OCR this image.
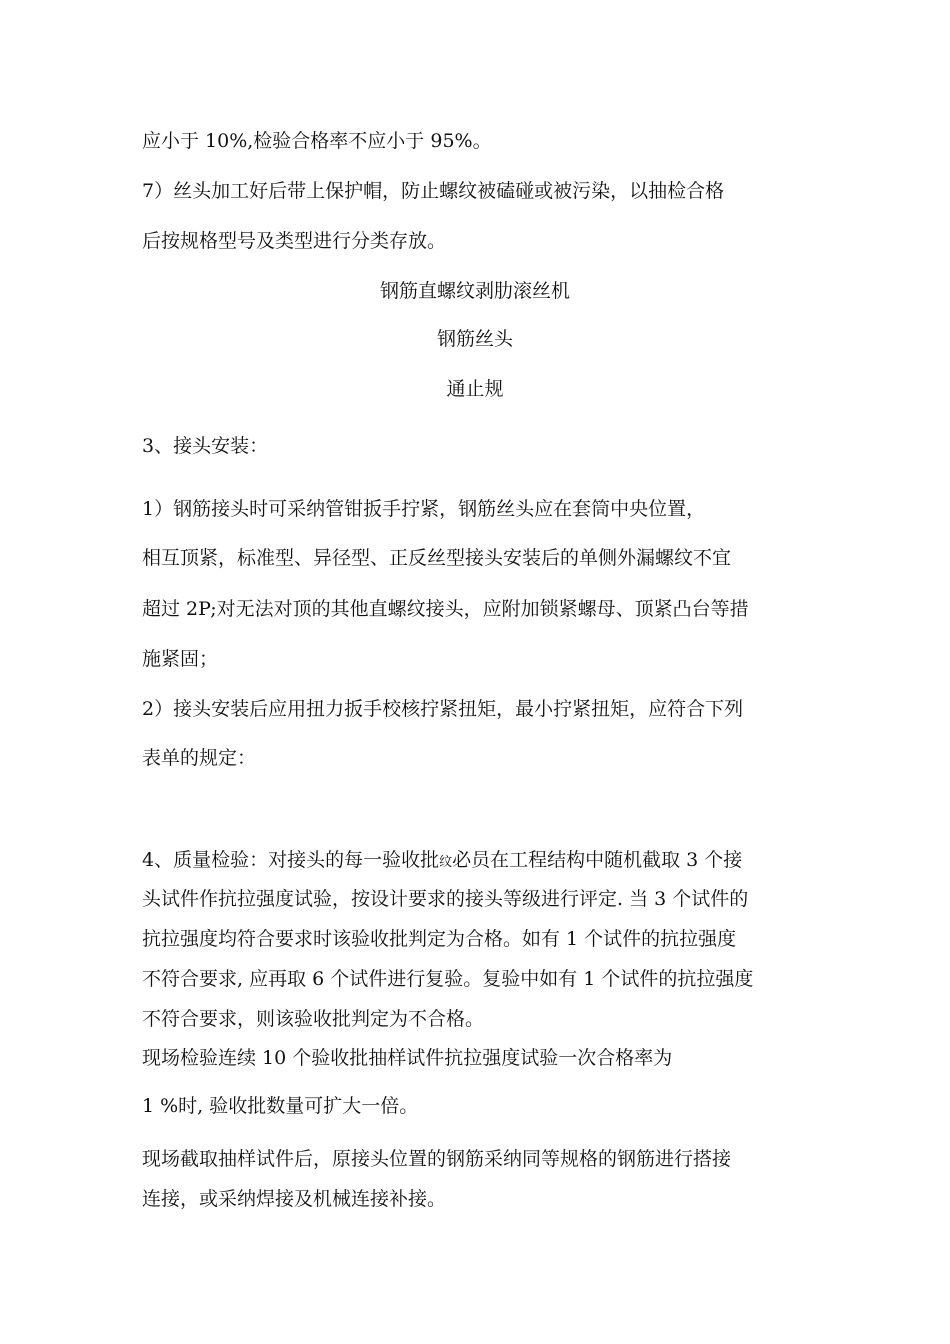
应小于 10%,检验合格率不应小于 95%。

7）丝头加工好后带上保护帽，防止螺纹被磕碰或被污染，以抽检合格

后按规格型号及类型进行分类存放。

钢筋直螺纹剥肋滚丝机

钢筋丝头

通止规

3、接头安装：

1）钢筋接头时可采纳管钳扳手拧紧，钢筋丝头应在套筒中央位置，

相互顶紧，标准型、异径型、正反丝型接头安装后的单侧外漏螺纹不宜

超过 2P;对无法对顶的其他直螺纹接头，应附加锁紧螺母、顶紧凸台等措

施紧固；

2）接头安装后应用扭力扳手校核拧紧扭矩，最小拧紧扭矩，应符合下列

表单的规定：

4、质量检验：对接头的每一验收批纹必员在工程结构中随机截取 3 个接

头试件作抗拉强度试验，按设计要求的接头等级进行评定. 当 3 个试件的

抗拉强度均符合要求时该验收批判定为合格。如有 1 个试件的抗拉强度

不符合要求, 应再取 6 个试件进行复验。复验中如有 1 个试件的抗拉强度

不符合要求，则该验收批判定为不合格。

现场检验连续 10 个验收批抽样试件抗拉强度试验一次合格率为

1 %时, 验收批数量可扩大一倍。

现场截取抽样试件后，原接头位置的钢筋采纳同等规格的钢筋进行搭接

连接，或采纳焊接及机械连接补接。
